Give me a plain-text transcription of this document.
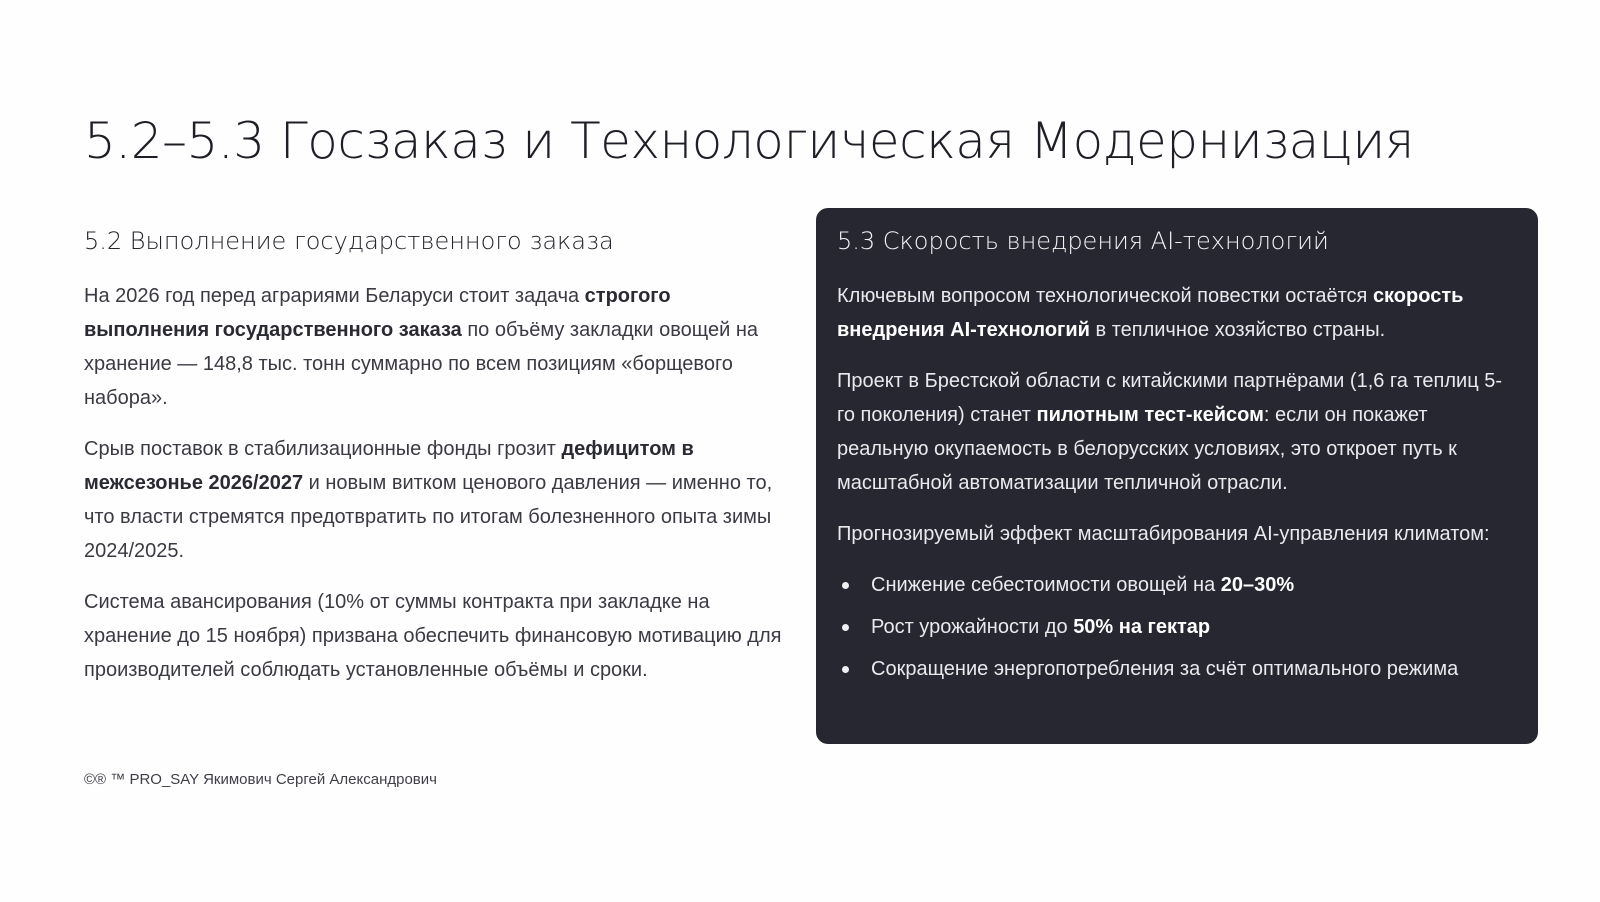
5.2–5.3 Госзаказ и Технологическая Модернизация
5.2 Выполнение государственного заказа

На 2026 год перед аграриями Беларуси стоит задача строгого выполнения государственного заказа по объёму закладки овощей на хранение — 148,8 тыс. тонн суммарно по всем позициям «борщевого набора».

Срыв поставок в стабилизационные фонды грозит дефицитом в межсезонье 2026/2027 и новым витком ценового давления — именно то, что власти стремятся предотвратить по итогам болезненного опыта зимы 2024/2025.

Система авансирования (10% от суммы контракта при закладке на хранение до 15 ноября) призвана обеспечить финансовую мотивацию для производителей соблюдать установленные объёмы и сроки.

5.3 Скорость внедрения AI-технологий

Ключевым вопросом технологической повестки остаётся скорость внедрения AI-технологий в тепличное хозяйство страны.

Проект в Брестской области с китайскими партнёрами (1,6 га теплиц 5-го поколения) станет пилотным тест-кейсом: если он покажет реальную окупаемость в белорусских условиях, это откроет путь к масштабной автоматизации тепличной отрасли.

Прогнозируемый эффект масштабирования AI-управления климатом:

Снижение себестоимости овощей на 20–30%
Рост урожайности до 50% на гектар
Сокращение энергопотребления за счёт оптимального режима
©® ™ PRO_SAY Якимович Сергей Александрович
